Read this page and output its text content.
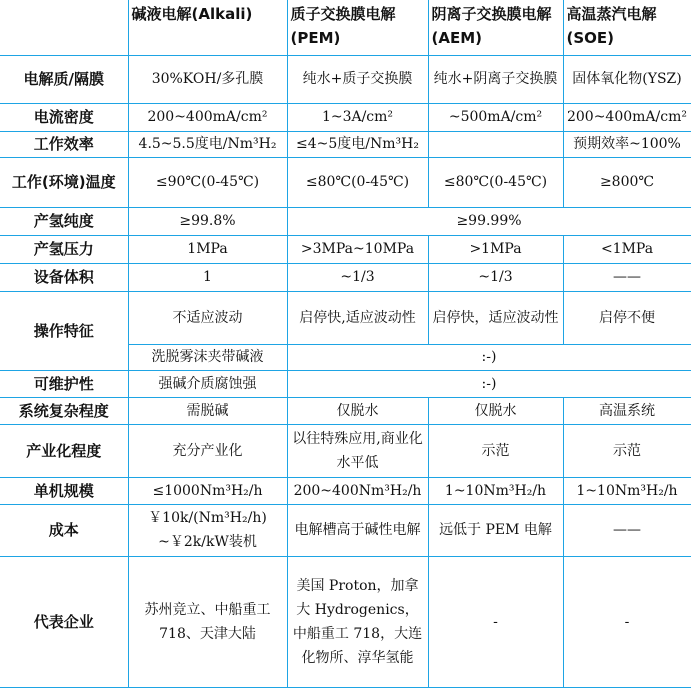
	碱液电解(Alkali)	质子交换膜电解(PEM)	阴离子交换膜电解(AEM)	高温蒸汽电解(SOE)
电解质/隔膜	30%KOH/多孔膜	纯水+质子交换膜	纯水+阴离子交换膜	固体氧化物(YSZ)
电流密度	200~400mA/cm²	1~3A/cm²	~500mA/cm²	200~400mA/cm²
工作效率	4.5~5.5度电/Nm³H₂	≤4~5度电/Nm³H₂		预期效率~100%
工作(环境)温度	≤90℃(0-45℃)	≤80℃(0-45℃)	≤80℃(0-45℃)	≥800℃
产氢纯度	≥99.8%	≥99.99%		
产氢压力	1MPa	>3MPa~10MPa	>1MPa	<1MPa
设备体积	1	~1/3	~1/3	——
操作特征	不适应波动	启停快,适应波动性	启停快，适应波动性	启停不便
	洗脱雾沫夹带碱液	:-)		
可维护性	强碱介质腐蚀强	:-)		
系统复杂程度	需脱碱	仅脱水	仅脱水	高温系统
产业化程度	充分产业化	以往特殊应用,商业化水平低	示范	示范
单机规模	≤1000Nm³H₂/h	200~400Nm³H₂/h	1~10Nm³H₂/h	1~10Nm³H₂/h
成本	￥10k/(Nm³H₂/h) ~￥2k/kW装机	电解槽高于碱性电解	远低于 PEM 电解	——
代表企业	苏州竞立、中船重工 718、天津大陆	美国 Proton，加拿大 Hydrogenics，中船重工 718，大连化物所、淳华氢能	-	-
